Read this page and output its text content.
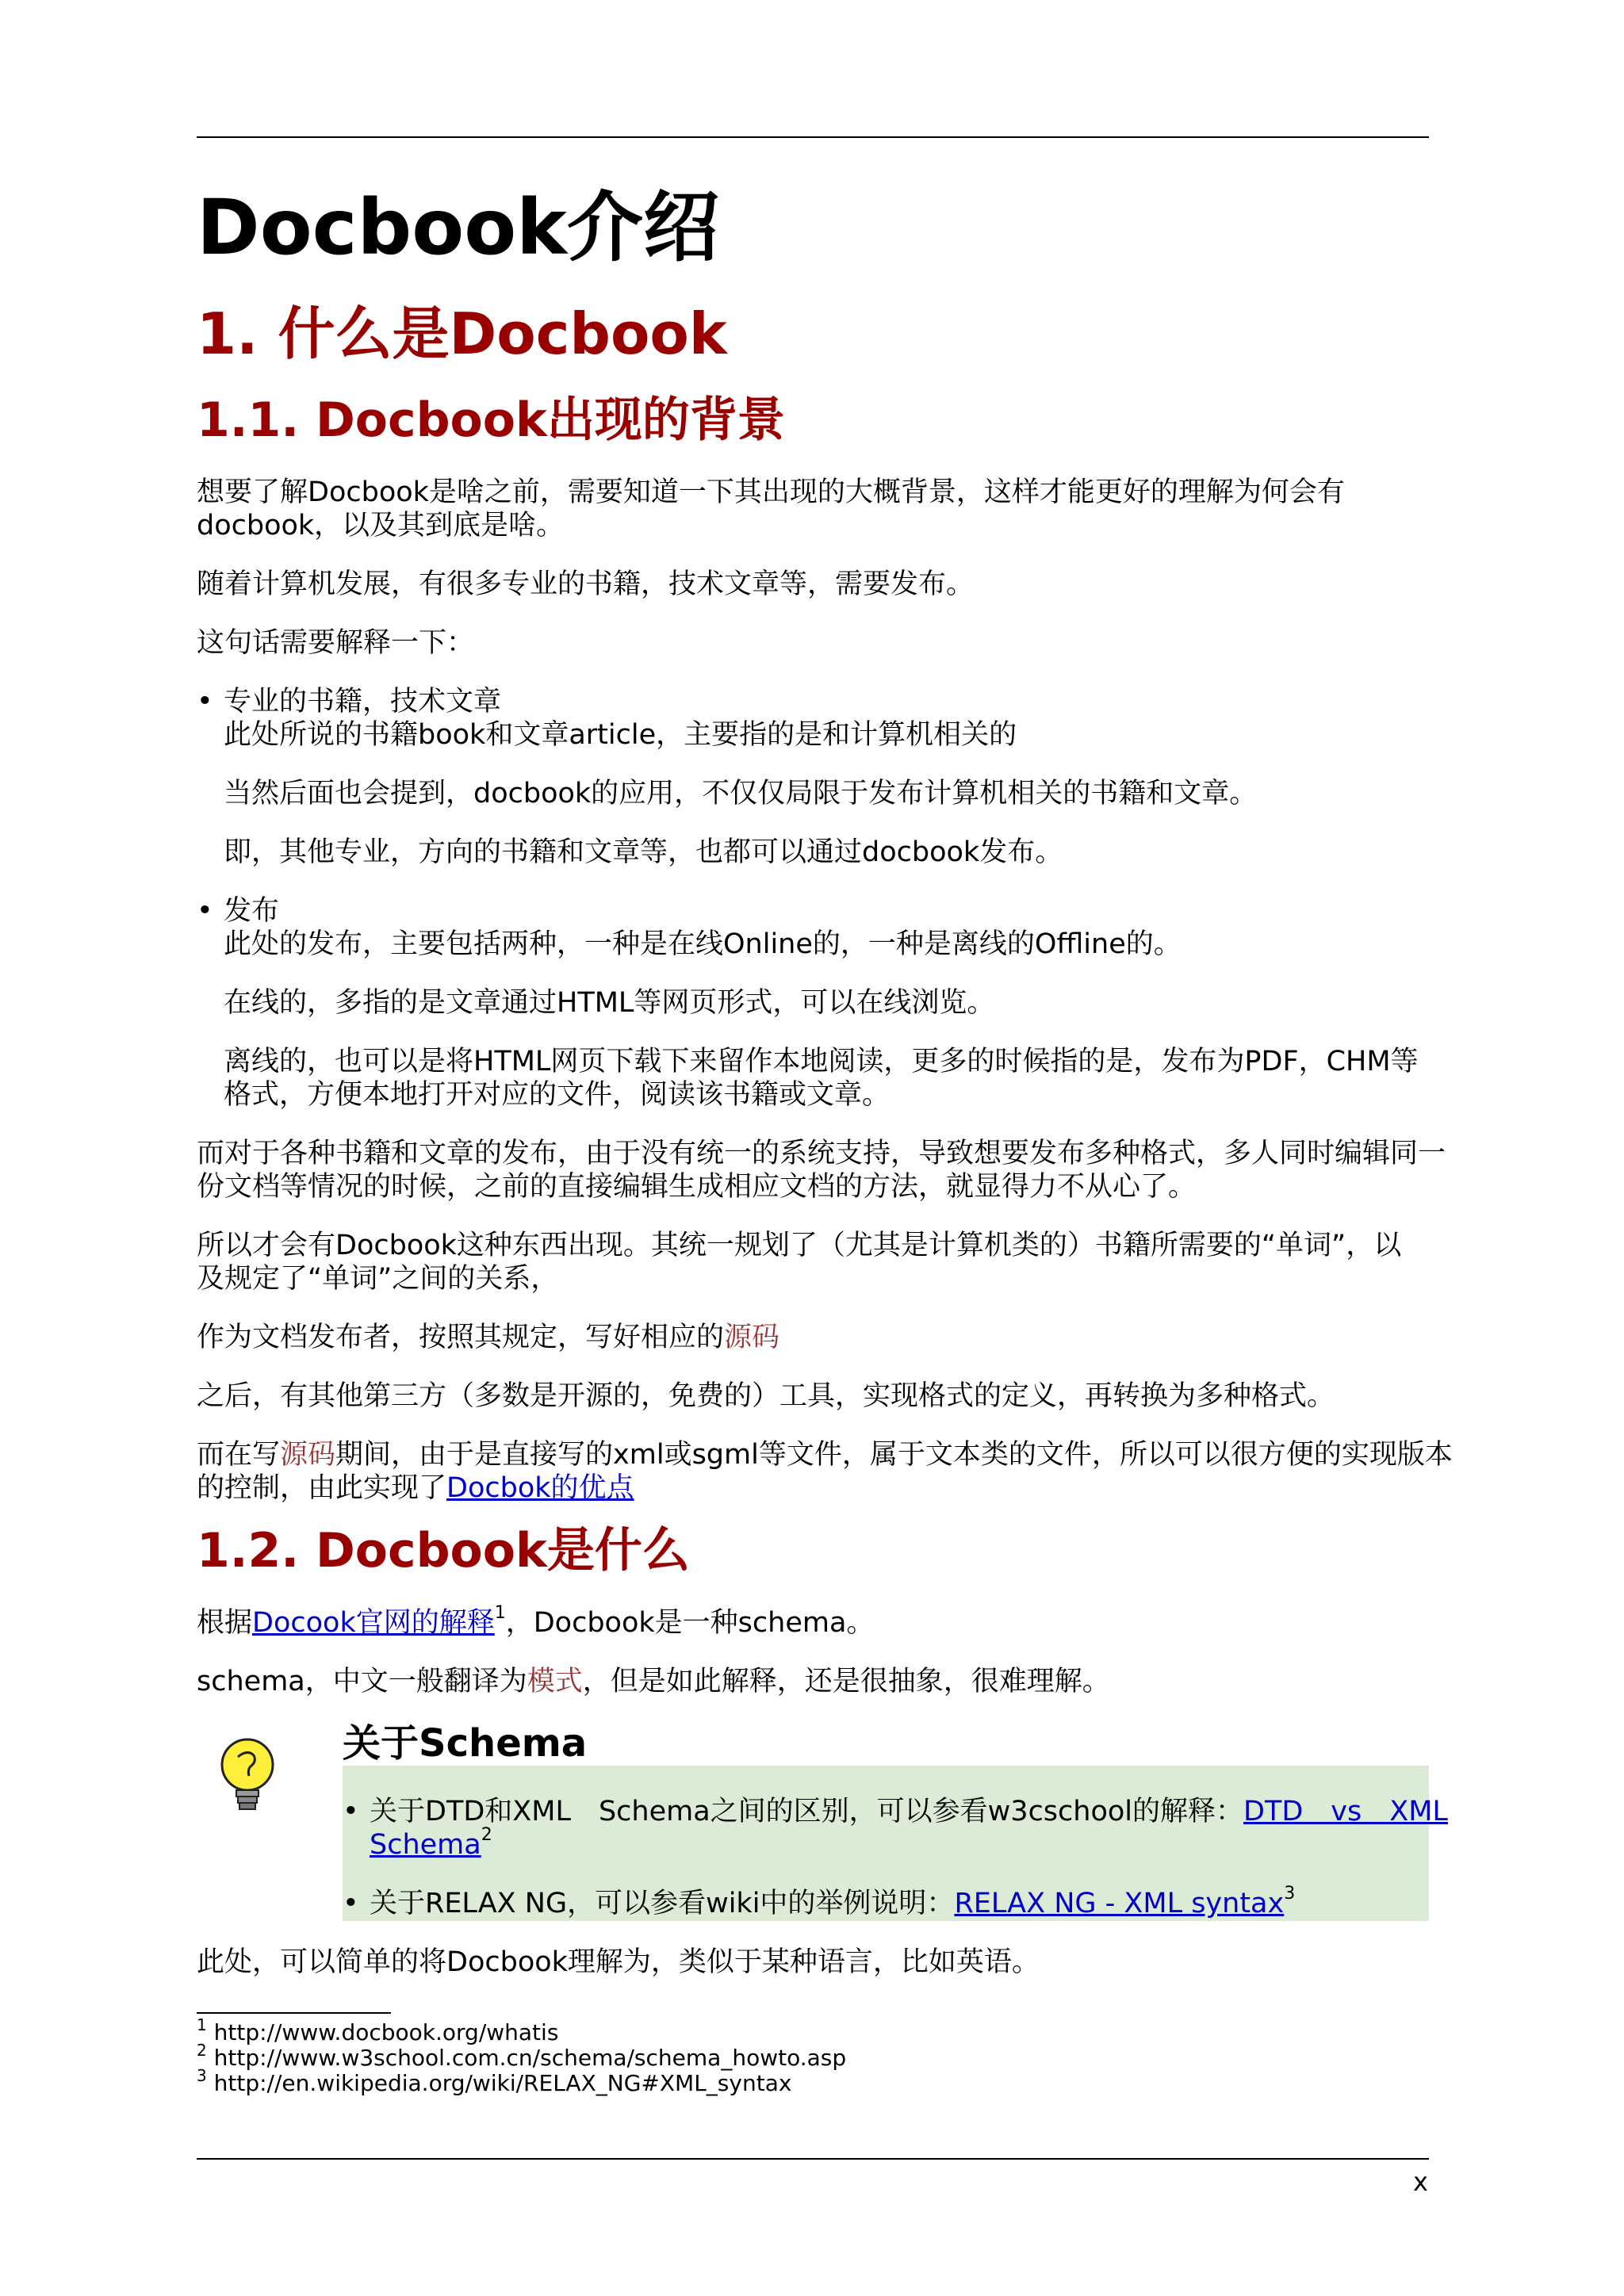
Docbook介绍
1. 什么是Docbook
1.1. Docbook出现的背景

想要了解Docbook是啥之前，需要知道一下其出现的大概背景，这样才能更好的理解为何会有

docbook，以及其到底是啥。

随着计算机发展，有很多专业的书籍，技术文章等，需要发布。

这句话需要解释一下：

• 专业的书籍，技术文章

此处所说的书籍book和文章article，主要指的是和计算机相关的

当然后面也会提到，docbook的应用，不仅仅局限于发布计算机相关的书籍和文章。

即，其他专业，方向的书籍和文章等，也都可以通过docbook发布。

• 发布

此处的发布，主要包括两种，一种是在线Online的，一种是离线的Offline的。

在线的，多指的是文章通过HTML等网页形式，可以在线浏览。

离线的，也可以是将HTML网页下载下来留作本地阅读，更多的时候指的是，发布为PDF，CHM等

格式，方便本地打开对应的文件，阅读该书籍或文章。

而对于各种书籍和文章的发布，由于没有统一的系统支持，导致想要发布多种格式，多人同时编辑同一

份文档等情况的时候，之前的直接编辑生成相应文档的方法，就显得力不从心了。

所以才会有Docbook这种东西出现。其统一规划了（尤其是计算机类的）书籍所需要的“单词”，以

及规定了“单词”之间的关系，

作为文档发布者，按照其规定，写好相应的源码

之后，有其他第三方（多数是开源的，免费的）工具，实现格式的定义，再转换为多种格式。

而在写源码期间，由于是直接写的xml或sgml等文件，属于文本类的文件，所以可以很方便的实现版本

的控制，由此实现了Docbok的优点

1.2. Docbook是什么

根据Docook官网的解释$^1$，Docbook是一种schema。

schema，中文一般翻译为模式，但是如此解释，还是很抽象，很难理解。

关于Schema
• 关于DTD和XML　Schema之间的区别，可以参看w3cschool的解释：DTD　vs　XML

Schema$^2$

• 关于RELAX NG，可以参看wiki中的举例说明：RELAX NG - XML syntax$^3$

此处，可以简单的将Docbook理解为，类似于某种语言，比如英语。

$^1$ http://www.docbook.org/whatis
$^2$ http://www.w3school.com.cn/schema/schema_howto.asp
$^3$ http://en.wikipedia.org/wiki/RELAX_NG#XML_syntax
x
